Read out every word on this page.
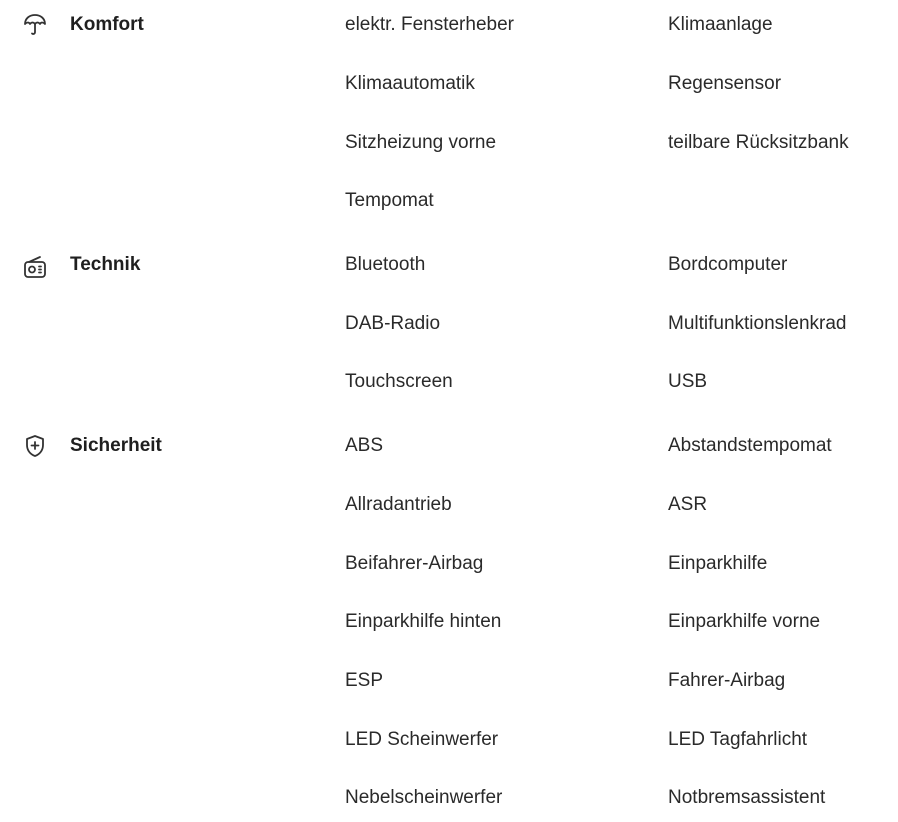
Komfort	elektr. Fensterheber	Klimaanlage
Klimaautomatik	Regensensor
Sitzheizung vorne	teilbare Rücksitzbank
Tempomat
Technik	Bluetooth	Bordcomputer
DAB-Radio	Multifunktionslenkrad
Touchscreen	USB
Sicherheit	ABS	Abstandstempomat
Allradantrieb	ASR
Beifahrer-Airbag	Einparkhilfe
Einparkhilfe hinten	Einparkhilfe vorne
ESP	Fahrer-Airbag
LED Scheinwerfer	LED Tagfahrlicht
Nebelscheinwerfer	Notbremsassistent
